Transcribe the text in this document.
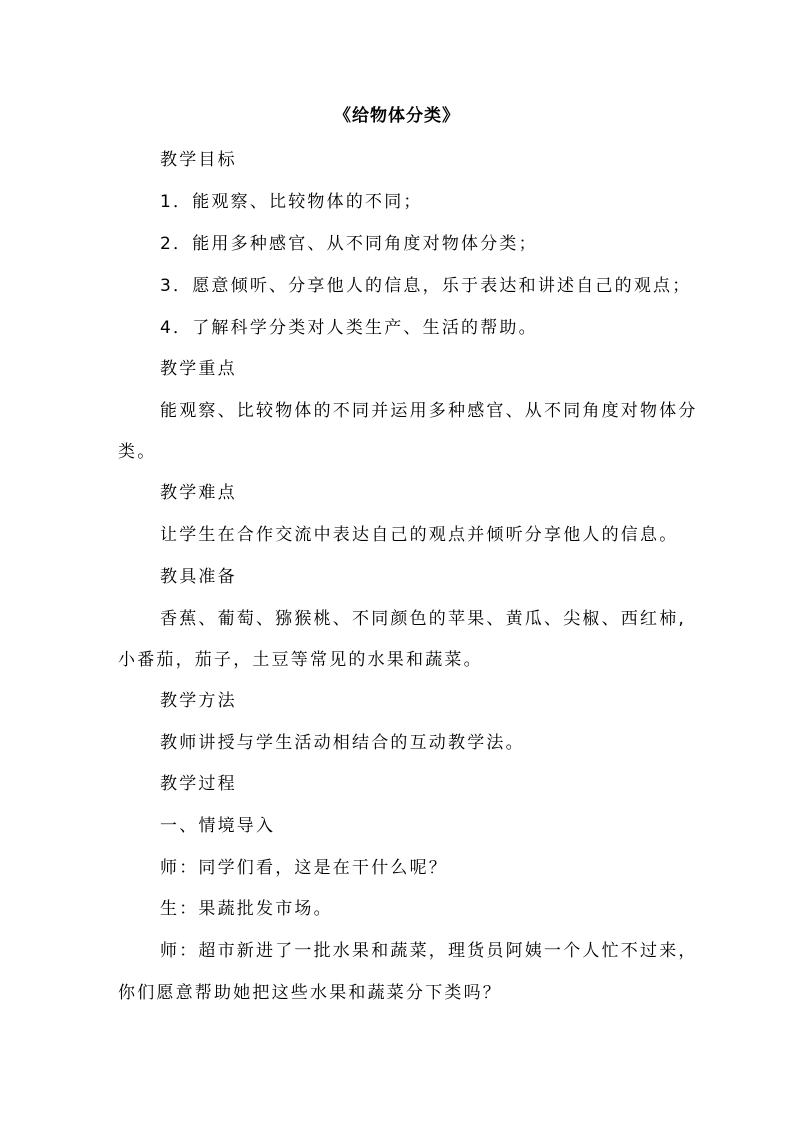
《给物体分类》
教学目标
1．能观察、比较物体的不同；
2．能用多种感官、从不同角度对物体分类；
3．愿意倾听、分享他人的信息，乐于表达和讲述自己的观点；
4．了解科学分类对人类生产、生活的帮助。
教学重点
能观察、比较物体的不同并运用多种感官、从不同角度对物体分
类。
教学难点
让学生在合作交流中表达自己的观点并倾听分享他人的信息。
教具准备
香蕉、葡萄、猕猴桃、不同颜色的苹果、黄瓜、尖椒、西红柿,
小番茄，茄子，土豆等常见的水果和蔬菜。
教学方法
教师讲授与学生活动相结合的互动教学法。
教学过程
一、情境导入
师：同学们看，这是在干什么呢？
生：果蔬批发市场。
师：超市新进了一批水果和蔬菜，理货员阿姨一个人忙不过来，
你们愿意帮助她把这些水果和蔬菜分下类吗？
